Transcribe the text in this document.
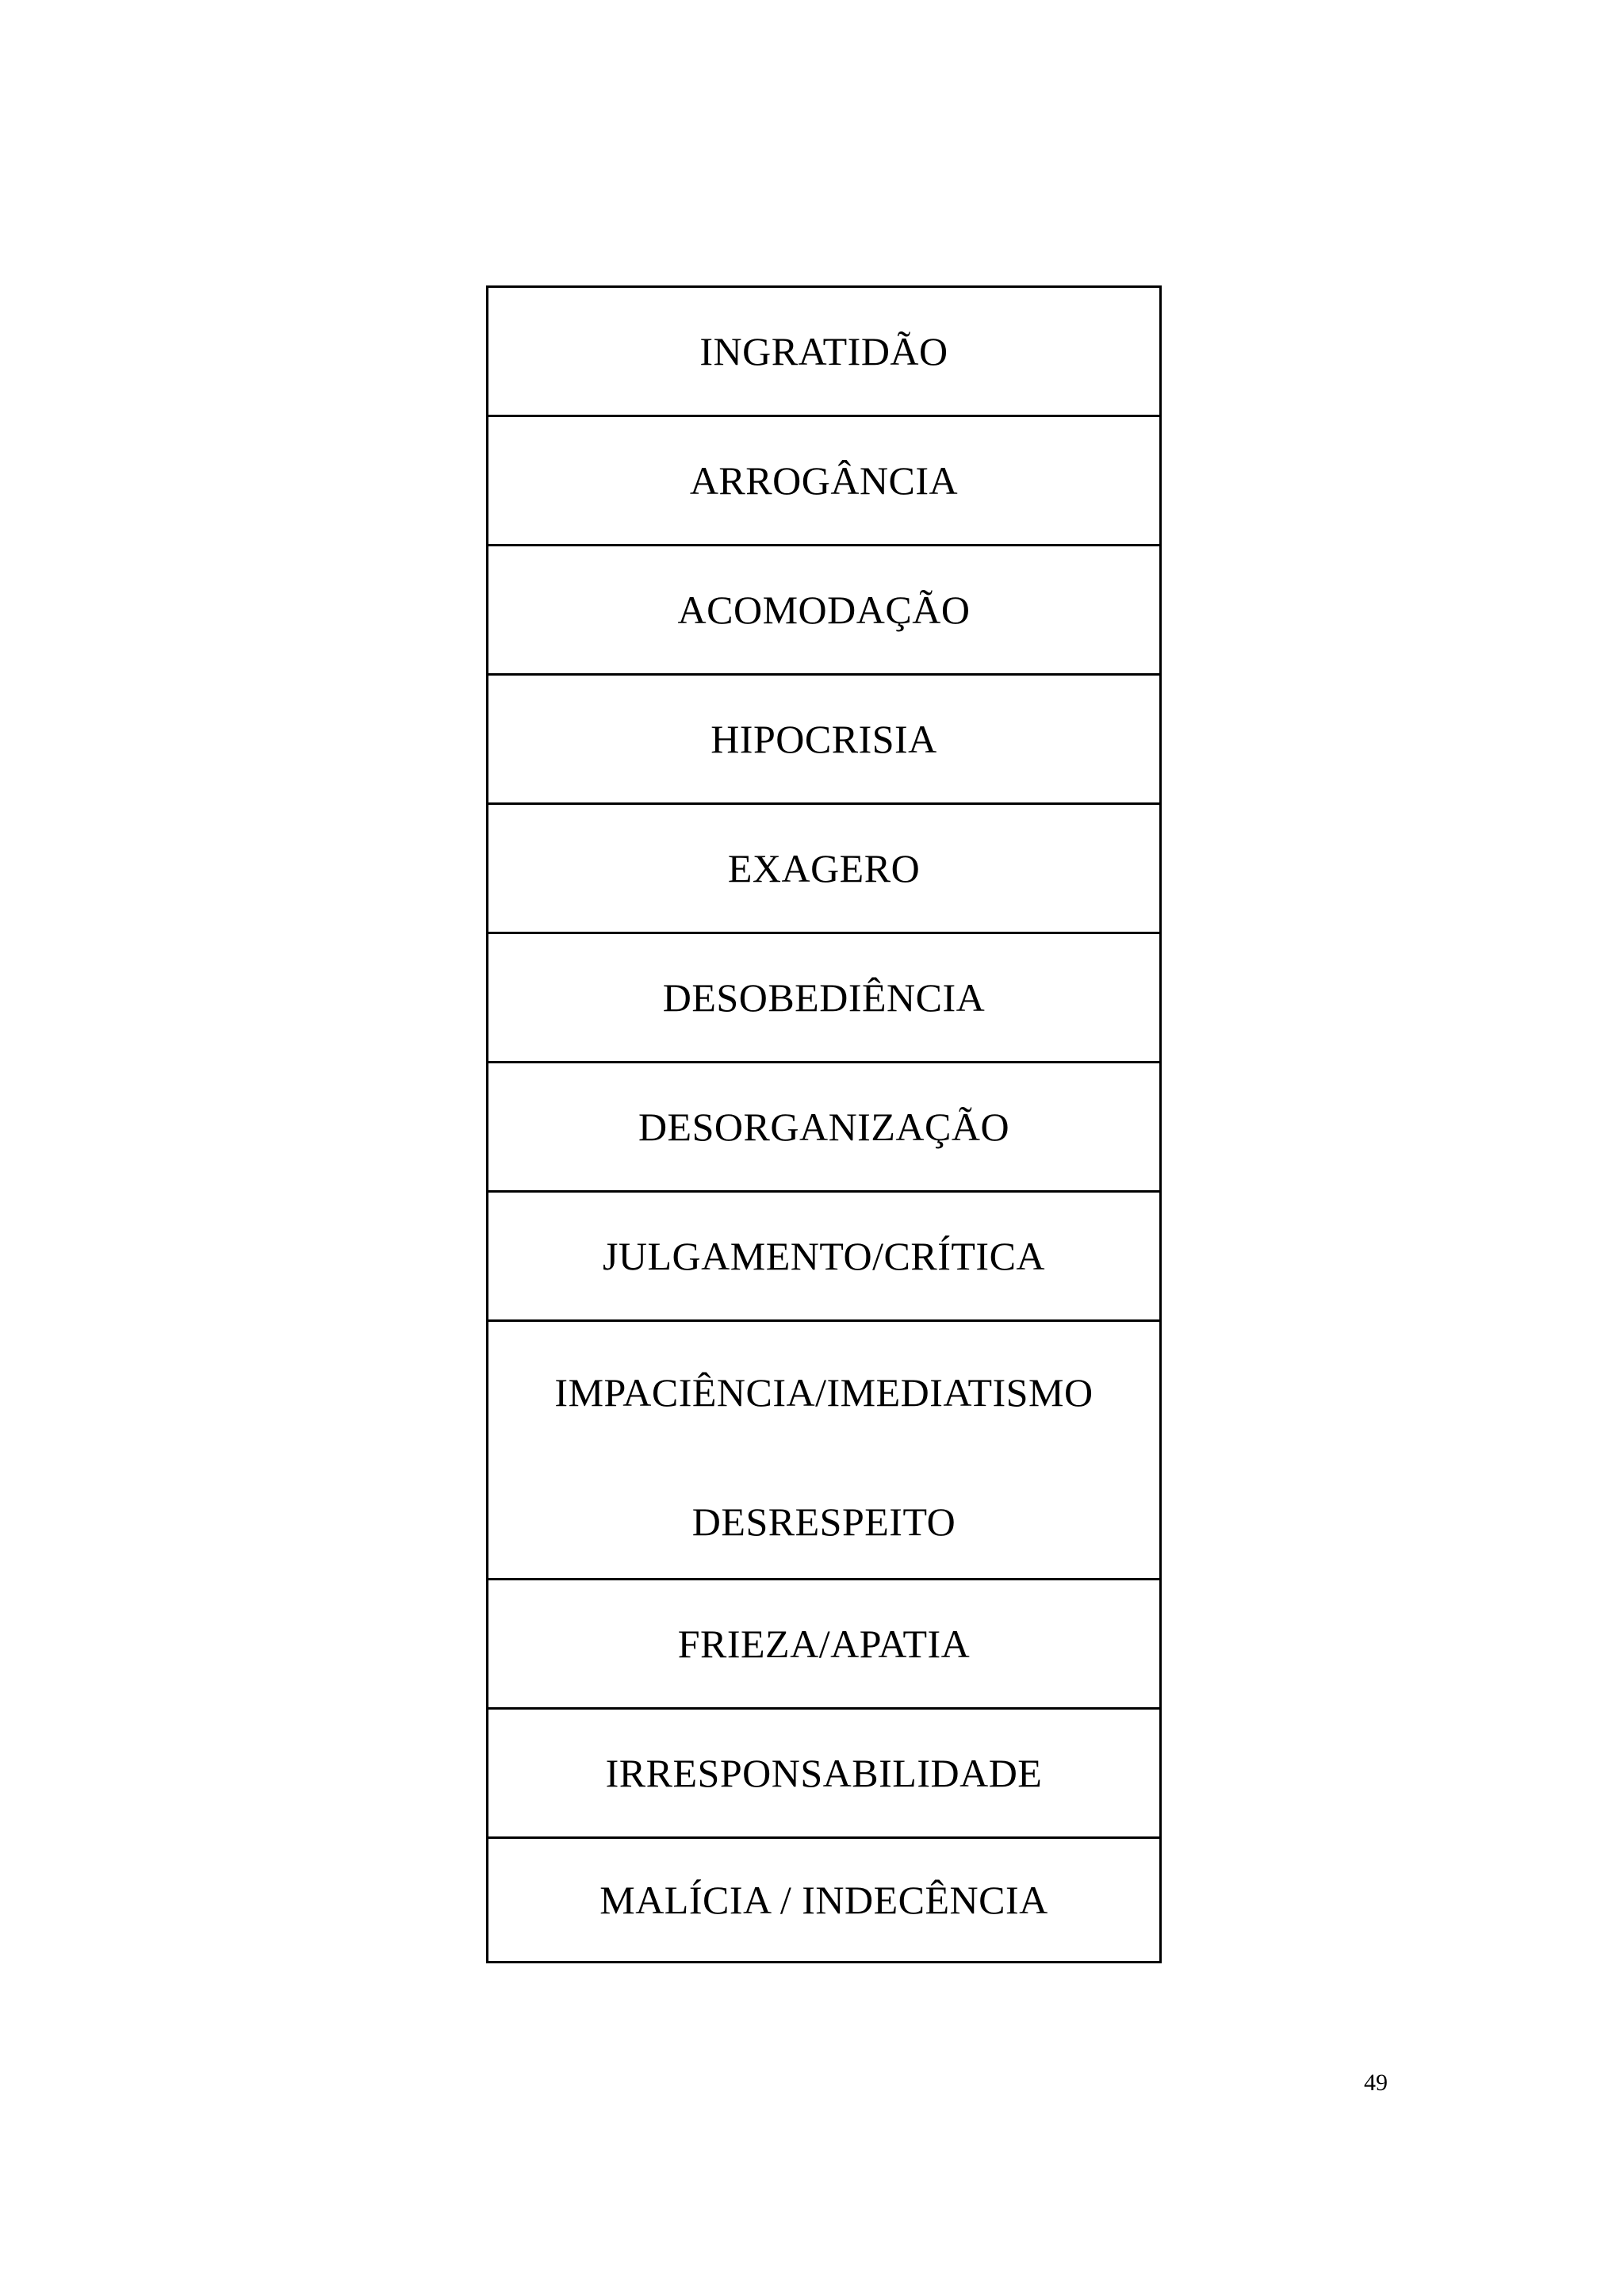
INGRATIDÃO
ARROGÂNCIA
ACOMODAÇÃO
HIPOCRISIA
EXAGERO
DESOBEDIÊNCIA
DESORGANIZAÇÃO
JULGAMENTO/CRÍTICA
IMPACIÊNCIA/IMEDIATISMO
DESRESPEITO
FRIEZA/APATIA
IRRESPONSABILIDADE
MALÍCIA / INDECÊNCIA
49
